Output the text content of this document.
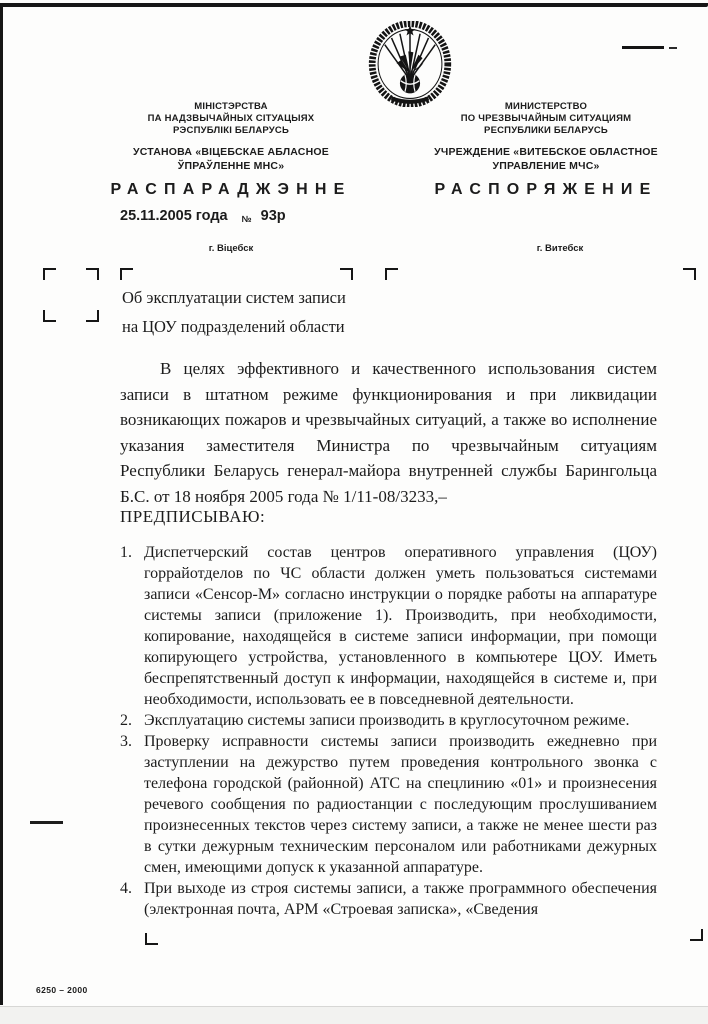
МІНІСТЭРСТВА
ПА НАДЗВЫЧАЙНЫХ СІТУАЦЫЯХ
РЭСПУБЛІКІ БЕЛАРУСЬ
УСТАНОВА «ВІЦЕБСКАЕ АБЛАСНОЕ
ЎПРАЎЛЕННЕ МНС»
РАСПАРАДЖЭННЕ
МИНИСТЕРСТВО
ПО ЧРЕЗВЫЧАЙНЫМ СИТУАЦИЯМ
РЕСПУБЛИКИ БЕЛАРУСЬ
УЧРЕЖДЕНИЕ «ВИТЕБСКОЕ ОБЛАСТНОЕ
УПРАВЛЕНИЕ МЧС»
РАСПОРЯЖЕНИЕ
25.11.2005 года № 93р
г. Віцебск	г. Витебск
Об эксплуатации систем записи
на ЦОУ подразделений области

В целях эффективного и качественного использования систем записи в штатном режиме функционирования и при ликвидации возникающих пожаров и чрезвычайных ситуаций, а также во исполнение указания заместителя Министра по чрезвычайным ситуациям Республики Беларусь генерал-майора внутренней службы Барингольца Б.С. от 18 ноября 2005 года № 1/11-08/3233,–

ПРЕДПИСЫВАЮ:
1. Диспетчерский состав центров оперативного управления (ЦОУ) горрайотделов по ЧС области должен уметь пользоваться системами записи «Сенсор-М» согласно инструкции о порядке работы на аппаратуре системы записи (приложение 1). Производить, при необходимости, копирование, находящейся в системе записи информации, при помощи копирующего устройства, установленного в компьютере ЦОУ. Иметь беспрепятственный доступ к информации, находящейся в системе и, при необходимости, использовать ее в повседневной деятельности.
2. Эксплуатацию системы записи производить в круглосуточном режиме.
3. Проверку исправности системы записи производить ежедневно при заступлении на дежурство путем проведения контрольного звонка с телефона городской (районной) АТС на спецлинию «01» и произнесения речевого сообщения по радиостанции с последующим прослушиванием произнесенных текстов через систему записи, а также не менее шести раз в сутки дежурным техническим персоналом или работниками дежурных смен, имеющими допуск к указанной аппаратуре.
4. При выходе из строя системы записи, а также программного обеспечения (электронная почта, АРМ «Строевая записка», «Сведения
6250 – 2000
